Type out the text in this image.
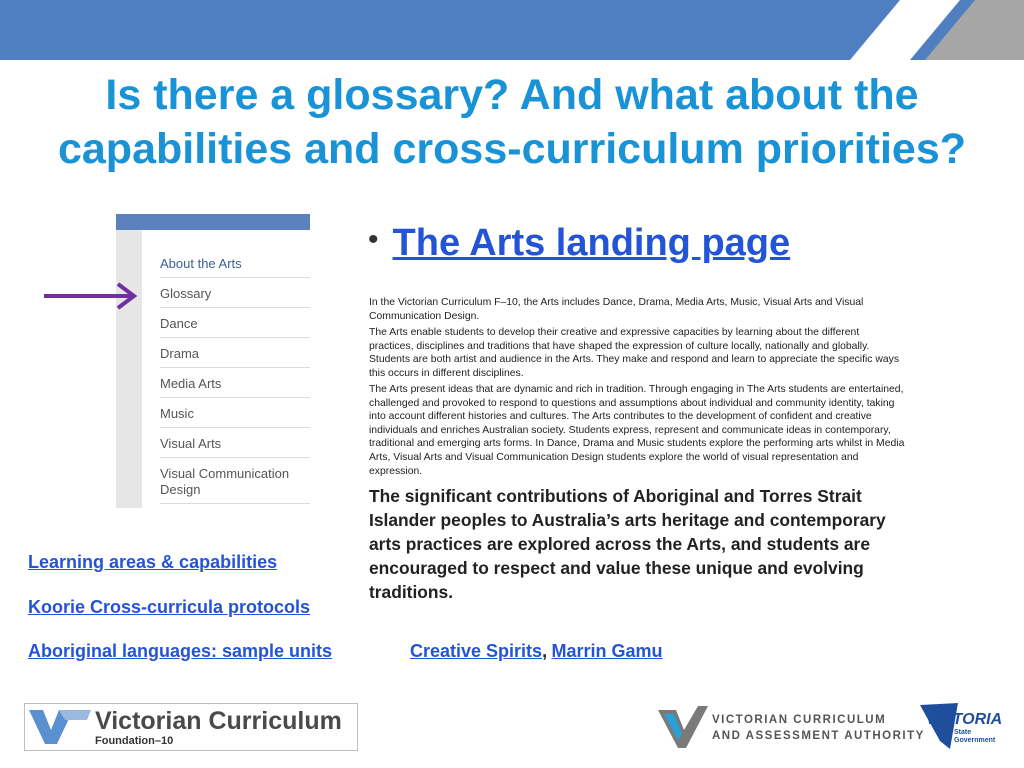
Is there a glossary? And what about the capabilities and cross-curriculum priorities?
About the Arts
Glossary
Dance
Drama
Media Arts
Music
Visual Arts
Visual Communication Design
• The Arts landing page

In the Victorian Curriculum F–10, the Arts includes Dance, Drama, Media Arts, Music, Visual Arts and Visual Communication Design.

The Arts enable students to develop their creative and expressive capacities by learning about the different practices, disciplines and traditions that have shaped the expression of culture locally, nationally and globally. Students are both artist and audience in the Arts. They make and respond and learn to appreciate the specific ways this occurs in different disciplines.

The Arts present ideas that are dynamic and rich in tradition. Through engaging in The Arts students are entertained, challenged and provoked to respond to questions and assumptions about individual and community identity, taking into account different histories and cultures. The Arts contributes to the development of confident and creative individuals and enriches Australian society. Students express, represent and communicate ideas in contemporary, traditional and emerging arts forms. In Dance, Drama and Music students explore the performing arts whilst in Media Arts, Visual Arts and Visual Communication Design students explore the world of visual representation and expression.

The significant contributions of Aboriginal and Torres Strait Islander peoples to Australia’s arts heritage and contemporary arts practices are explored across the Arts, and students are encouraged to respect and value these unique and evolving traditions.

Learning areas & capabilities
Koorie Cross-curricula protocols
Aboriginal languages: sample units	Creative Spirits, Marrin Gamu
Victorian Curriculum
Foundation–10
VICTORIAN CURRICULUM
AND ASSESSMENT AUTHORITY
VICTORIA
State
Government
